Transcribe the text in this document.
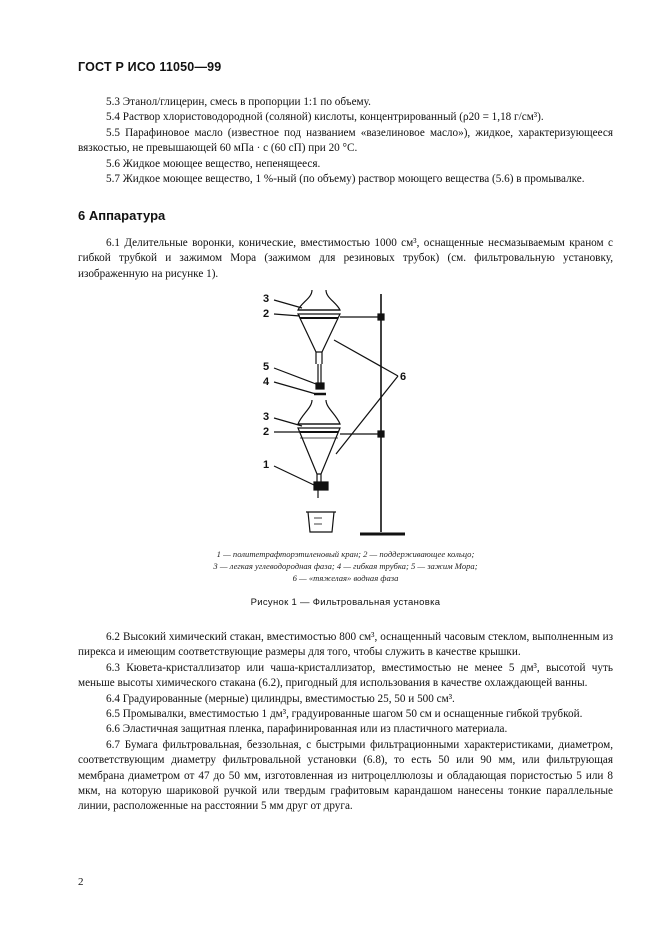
ГОСТ Р ИСО 11050—99

5.3 Этанол/глицерин, смесь в пропорции 1:1 по объему.

5.4 Раствор хлористоводородной (соляной) кислоты, концентрированный (ρ20 = 1,18 г/см³).

5.5 Парафиновое масло (известное под названием «вазелиновое масло»), жидкое, характеризующееся вязкостью, не превышающей 60 мПа · с (60 сП) при 20 °С.

5.6 Жидкое моющее вещество, непенящееся.

5.7 Жидкое моющее вещество, 1 %-ный (по объему) раствор моющего вещества (5.6) в промывалке.

6 Аппаратура

6.1 Делительные воронки, конические, вместимостью 1000 см³, оснащенные несмазываемым краном с гибкой трубкой и зажимом Мора (зажимом для резиновых трубок) (см. фильтровальную установку, изображенную на рисунке 1).

3
2
5
4
3
2
1
6
1 — политетрафторэтиленовый кран; 2 — поддерживающее кольцо;
3 — легкая углеводородная фаза; 4 — гибкая трубка; 5 — зажим Мора;
6 — «тяжелая» водная фаза
Рисунок 1 — Фильтровальная установка

6.2 Высокий химический стакан, вместимостью 800 см³, оснащенный часовым стеклом, выполненным из пирекса и имеющим соответствующие размеры для того, чтобы служить в качестве крышки.

6.3 Кювета-кристаллизатор или чаша-кристаллизатор, вместимостью не менее 5 дм³, высотой чуть меньше высоты химического стакана (6.2), пригодный для использования в качестве охлаждающей ванны.

6.4 Градуированные (мерные) цилиндры, вместимостью 25, 50 и 500 см³.

6.5 Промывалки, вместимостью 1 дм³, градуированные шагом 50 см и оснащенные гибкой трубкой.

6.6 Эластичная защитная пленка, парафинированная или из пластичного материала.

6.7 Бумага фильтровальная, беззольная, с быстрыми фильтрационными характеристиками, диаметром, соответствующим диаметру фильтровальной установки (6.8), то есть 50 или 90 мм, или фильтрующая мембрана диаметром от 47 до 50 мм, изготовленная из нитроцеллюлозы и обладающая пористостью 5 или 8 мкм, на которую шариковой ручкой или твердым графитовым карандашом нанесены тонкие параллельные линии, расположенные на расстоянии 5 мм друг от друга.

2
